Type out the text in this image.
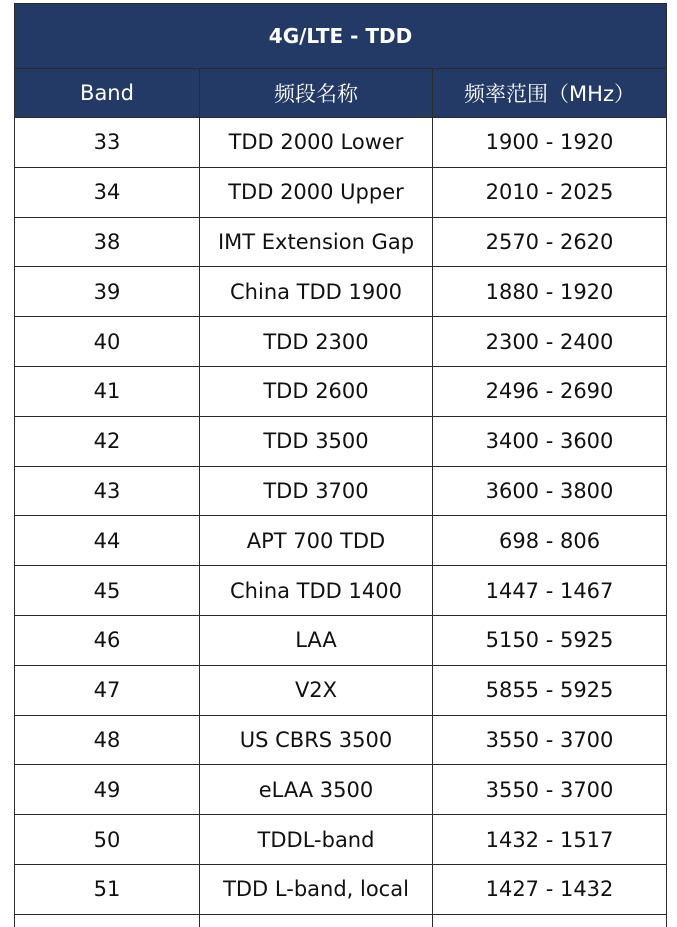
4G/LTE - TDD		
Band	频段名称	频率范围（MHz）
33	TDD 2000 Lower	1900 - 1920
34	TDD 2000 Upper	2010 - 2025
38	IMT Extension Gap	2570 - 2620
39	China TDD 1900	1880 - 1920
40	TDD 2300	2300 - 2400
41	TDD 2600	2496 - 2690
42	TDD 3500	3400 - 3600
43	TDD 3700	3600 - 3800
44	APT 700 TDD	698 - 806
45	China TDD 1400	1447 - 1467
46	LAA	5150 - 5925
47	V2X	5855 - 5925
48	US CBRS 3500	3550 - 3700
49	eLAA 3500	3550 - 3700
50	TDDL-band	1432 - 1517
51	TDD L-band, local	1427 - 1432
